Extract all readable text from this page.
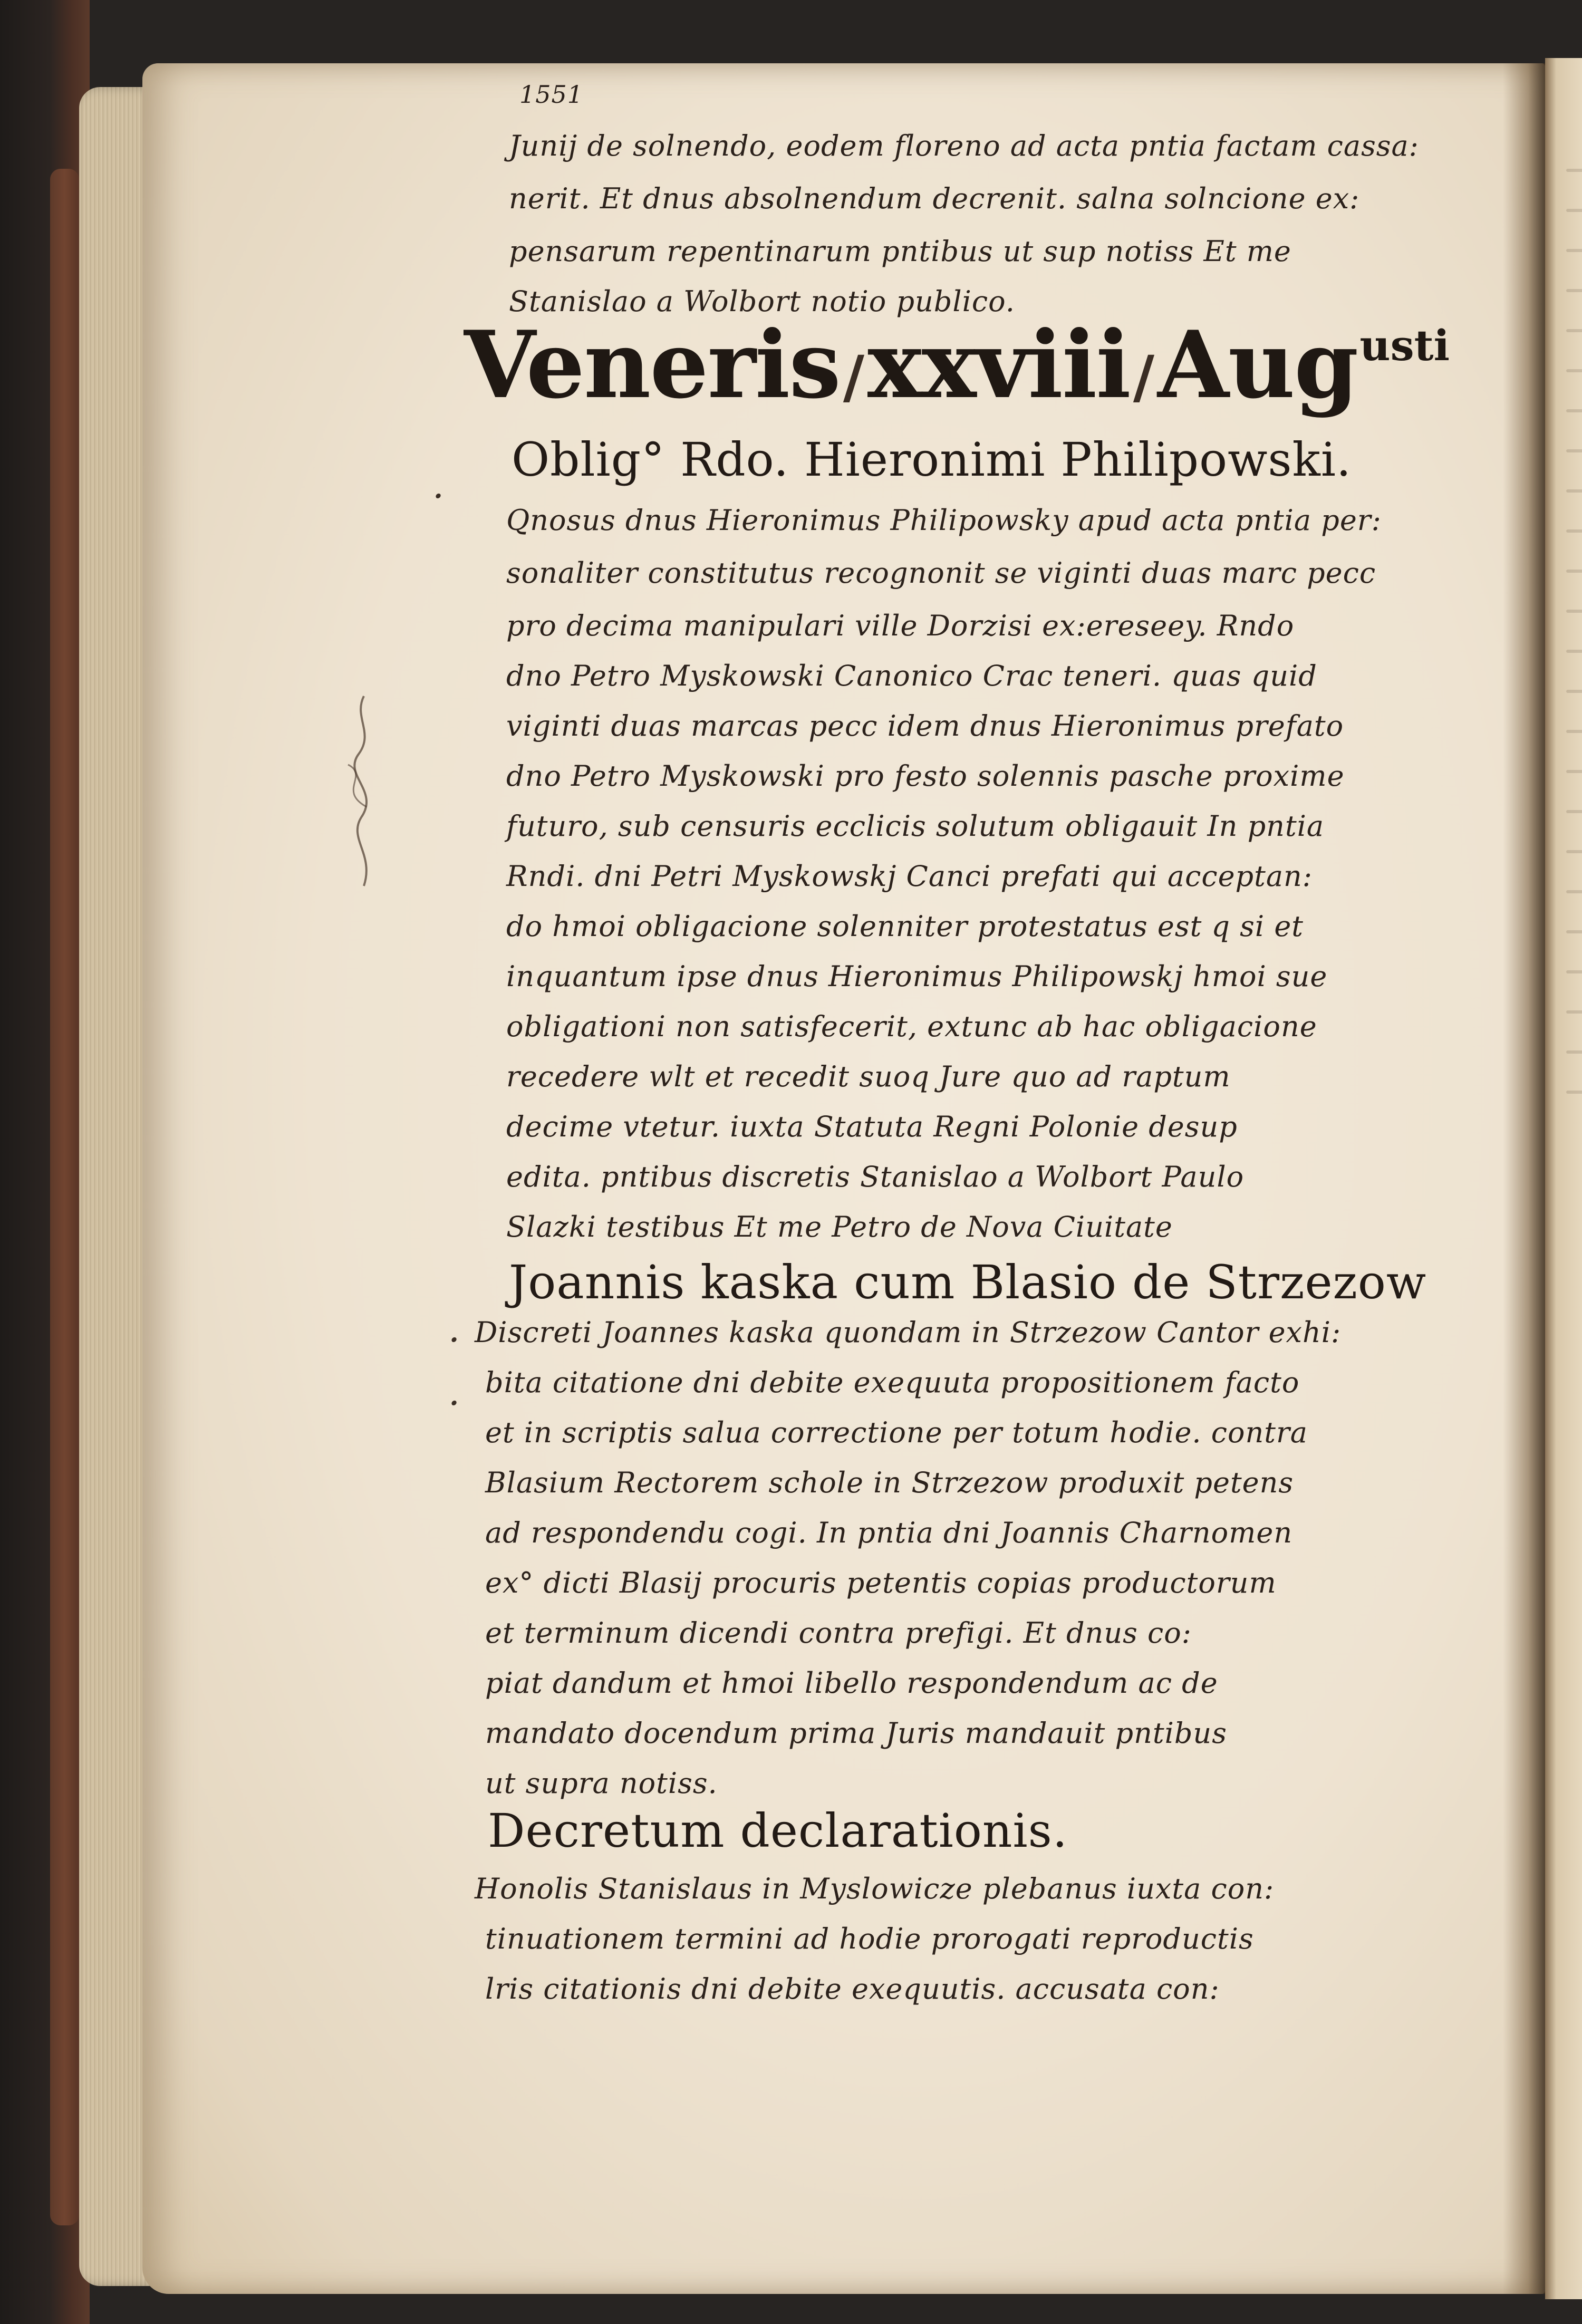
1551
Junij de solnendo, eodem floreno ad acta pntia factam cassa:
nerit. Et dnus absolnendum decrenit. salna solncione ex:
pensarum repentinarum pntibus ut sup notiss Et me
Stanislao a Wolbort notio publico.
Veneris/xxviii/Augusti
Oblig° Rdo. Hieronimi Philipowski.
·
Qnosus dnus Hieronimus Philipowsky apud acta pntia per:
sonaliter constitutus recognonit se viginti duas marc pecc
pro decima manipulari ville Dorzisi ex:ereseey. Rndo
dno Petro Myskowski Canonico Crac teneri. quas quid
viginti duas marcas pecc idem dnus Hieronimus prefato
dno Petro Myskowski pro festo solennis pasche proxime
futuro, sub censuris ecclicis solutum obligauit In pntia
Rndi. dni Petri Myskowskj Canci prefati qui acceptan:
do hmoi obligacione solenniter protestatus est q si et
inquantum ipse dnus Hieronimus Philipowskj hmoi sue
obligationi non satisfecerit, extunc ab hac obligacione
recedere wlt et recedit suoq Jure quo ad raptum
decime vtetur. iuxta Statuta Regni Polonie desup
edita. pntibus discretis Stanislao a Wolbort Paulo
Slazki testibus Et me Petro de Nova Ciuitate
Joannis kaska cum Blasio de Strzezow
·
·
Discreti Joannes kaska quondam in Strzezow Cantor exhi:
bita citatione dni debite exequuta propositionem facto
et in scriptis salua correctione per totum hodie. contra
Blasium Rectorem schole in Strzezow produxit petens
ad respondendu cogi. In pntia dni Joannis Charnomen
ex° dicti Blasij procuris petentis copias productorum
et terminum dicendi contra prefigi. Et dnus co:
piat dandum et hmoi libello respondendum ac de
mandato docendum prima Juris mandauit pntibus
ut supra notiss.
Decretum declarationis.
Honolis Stanislaus in Myslowicze plebanus iuxta con:
tinuationem termini ad hodie prorogati reproductis
lris citationis dni debite exequutis. accusata con:
